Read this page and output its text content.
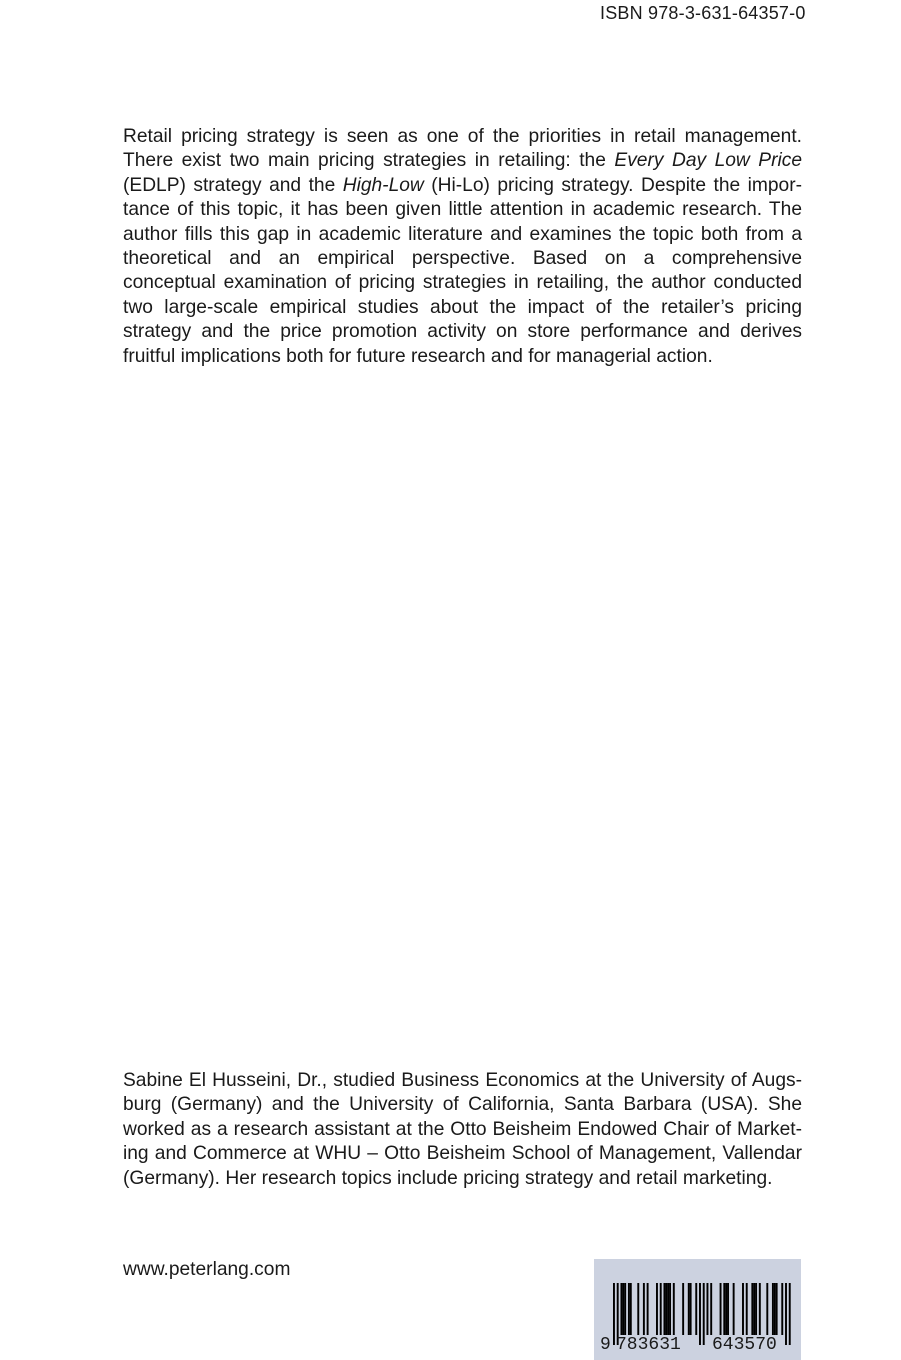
Retail pricing strategy is seen as one of the priorities in retail management. There exist two main pricing strategies in retailing: the Every Day Low Price (EDLP) strategy and the High-Low (Hi-Lo) pricing strategy. Despite the importance of this topic, it has been given little attention in academic research. The author fills this gap in academic literature and examines the topic both from a theoretical and an empirical perspective. Based on a comprehensive conceptual examination of pricing strategies in retailing, the author conducted two large-scale empirical studies about the impact of the retailer’s pricing strategy and the price promotion activity on store performance and derives fruitful implications both for future research and for managerial action.
Sabine El Husseini, Dr., studied Business Economics at the University of Augsburg (Germany) and the University of California, Santa Barbara (USA). She worked as a research assistant at the Otto Beisheim Endowed Chair of Marketing and Commerce at WHU – Otto Beisheim School of Management, Vallendar (Germany). Her research topics include pricing strategy and retail marketing.
www.peterlang.com
9 783631 643570
ISBN 978-3-631-64357-0
